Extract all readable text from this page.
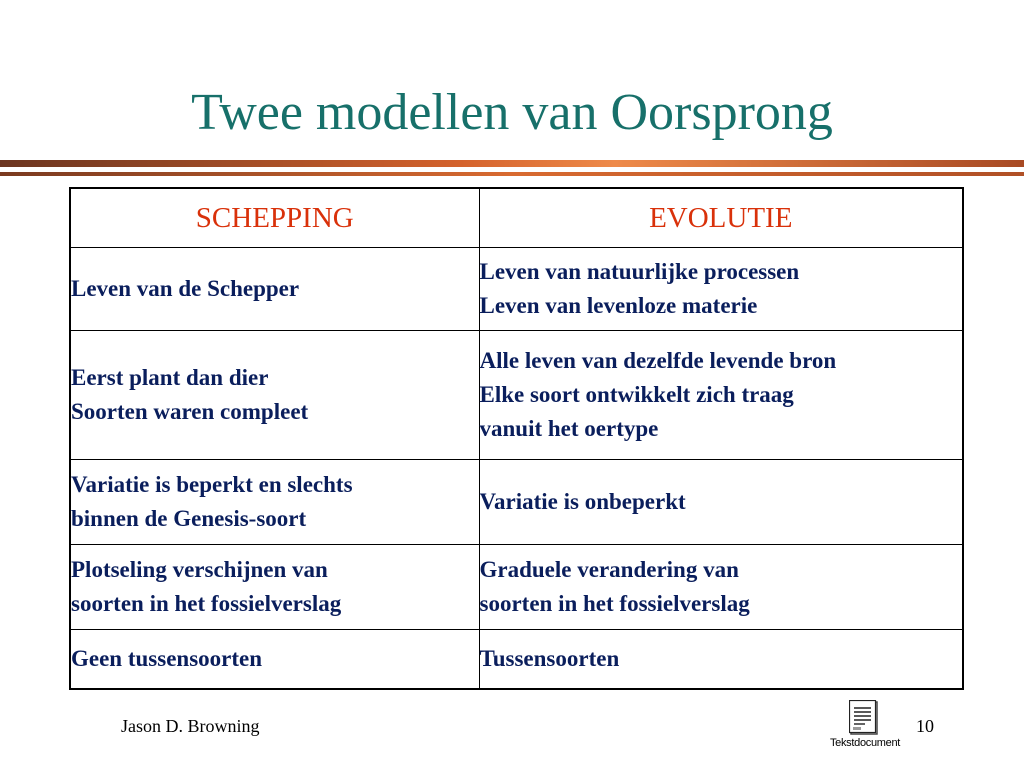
Twee modellen van Oorsprong
SCHEPPING	EVOLUTIE

Leven van de Schepper	Leven van natuurlijke processen
Leven van levenloze materie

Eerst plant dan dier
Soorten waren compleet	Alle leven van dezelfde levende bron
Elke soort ontwikkelt zich traag
vanuit het oertype

Variatie is beperkt en slechts
binnen de Genesis-soort	Variatie is onbeperkt

Plotseling verschijnen van
soorten in het fossielverslag	Graduele verandering van
soorten in het fossielverslag

Geen tussensoorten	Tussensoorten
Jason D. Browning
Tekstdocument
10
